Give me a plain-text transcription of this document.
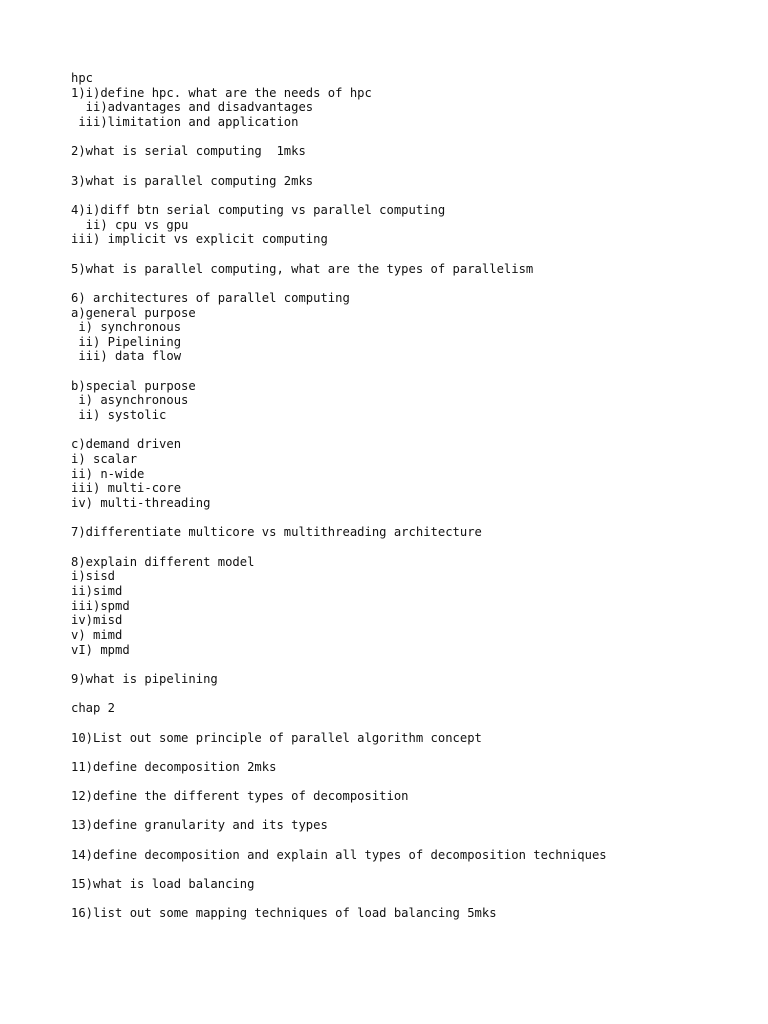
hpc
1)i)define hpc. what are the needs of hpc
ii)advantages and disadvantages
iii)limitation and application
2)what is serial computing  1mks
3)what is parallel computing 2mks
4)i)diff btn serial computing vs parallel computing
ii) cpu vs gpu
iii) implicit vs explicit computing
5)what is parallel computing, what are the types of parallelism
6) architectures of parallel computing
a)general purpose
i) synchronous
ii) Pipelining
iii) data flow
b)special purpose
i) asynchronous
ii) systolic
c)demand driven
i) scalar
ii) n-wide
iii) multi-core
iv) multi-threading
7)differentiate multicore vs multithreading architecture
8)explain different model
i)sisd
ii)simd
iii)spmd
iv)misd
v) mimd
vI) mpmd
9)what is pipelining
chap 2
10)List out some principle of parallel algorithm concept
11)define decomposition 2mks
12)define the different types of decomposition
13)define granularity and its types
14)define decomposition and explain all types of decomposition techniques
15)what is load balancing
16)list out some mapping techniques of load balancing 5mks
